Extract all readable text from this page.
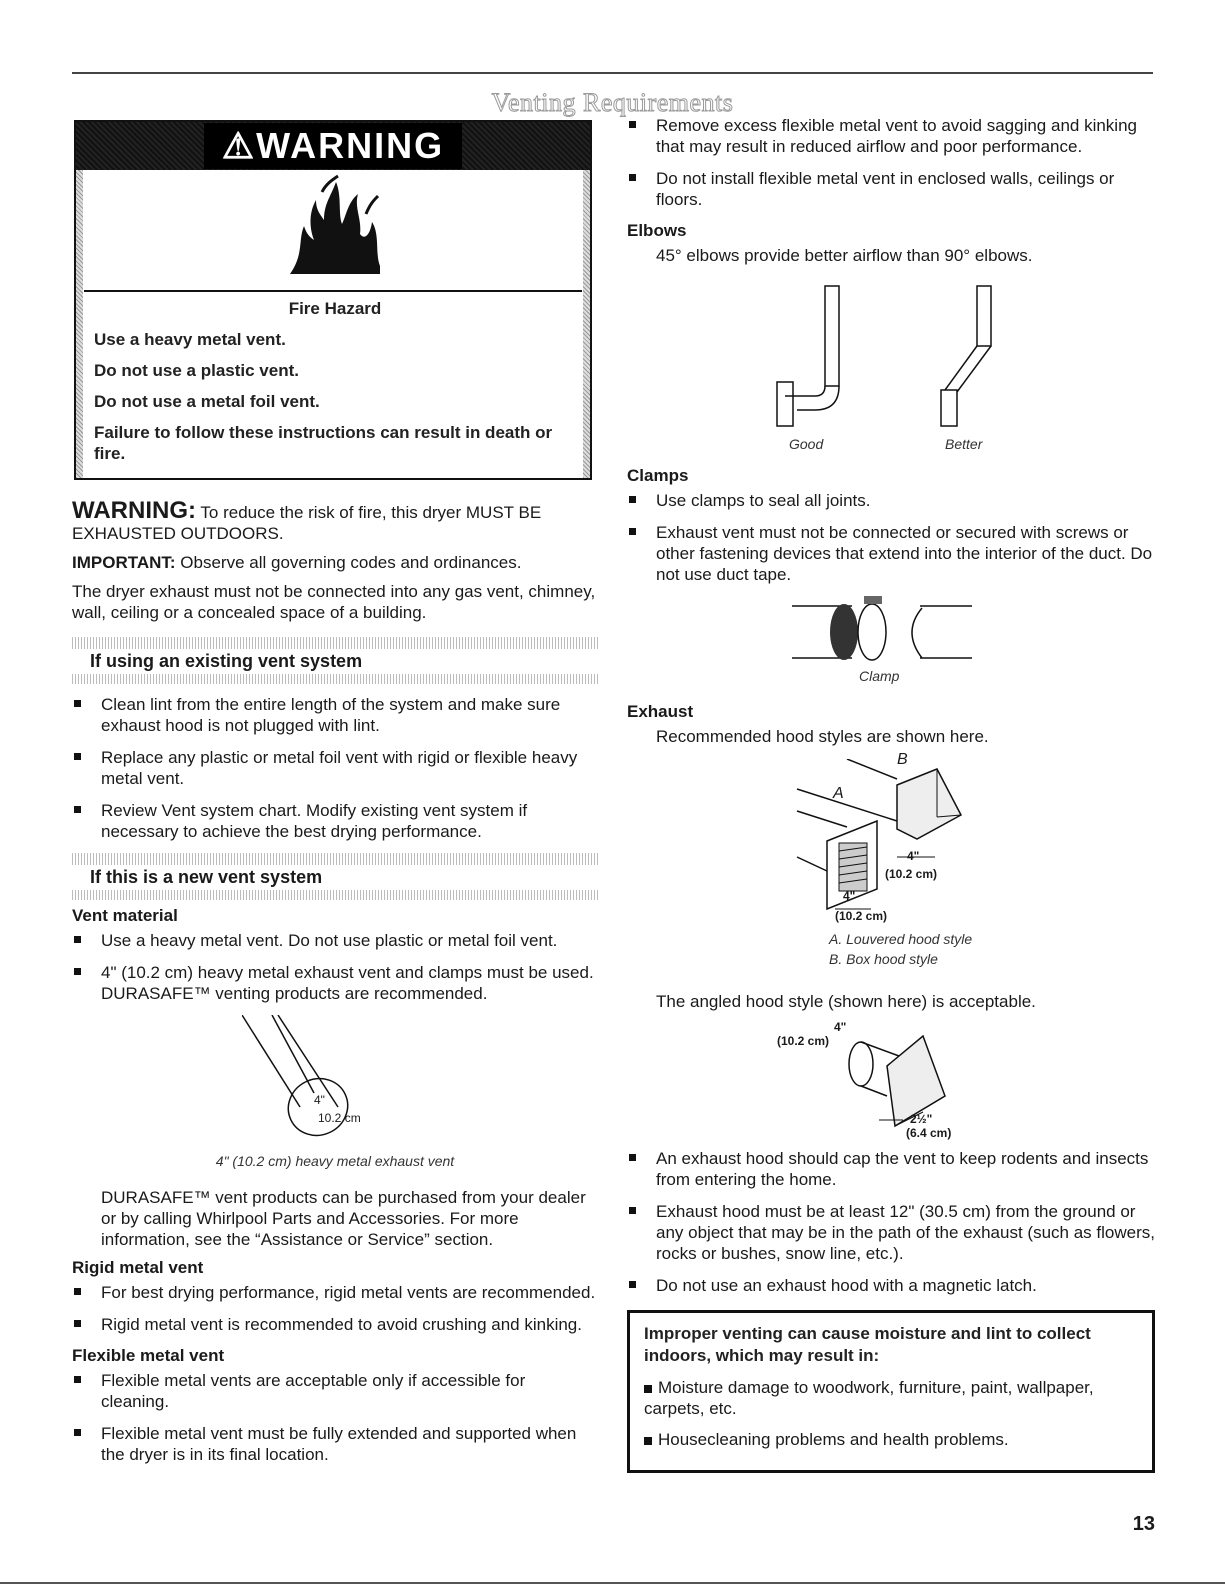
Venting Requirements
⚠WARNING
Fire Hazard

Use a heavy metal vent.

Do not use a plastic vent.

Do not use a metal foil vent.

Failure to follow these instructions can result in death or fire.

WARNING: To reduce the risk of fire, this dryer MUST BE EXHAUSTED OUTDOORS.

IMPORTANT: Observe all governing codes and ordinances.

The dryer exhaust must not be connected into any gas vent, chimney, wall, ceiling or a concealed space of a building.

If using an existing vent system
Clean lint from the entire length of the system and make sure exhaust hood is not plugged with lint.
Replace any plastic or metal foil vent with rigid or flexible heavy metal vent.
Review Vent system chart. Modify existing vent system if necessary to achieve the best drying performance.
If this is a new vent system
Vent material
Use a heavy metal vent. Do not use plastic or metal foil vent.
4" (10.2 cm) heavy metal exhaust vent and clamps must be used. DURASAFE™ venting products are recommended.
4"
10.2 cm
4" (10.2 cm) heavy metal exhaust vent
DURASAFE™ vent products can be purchased from your dealer or by calling Whirlpool Parts and Accessories. For more information, see the “Assistance or Service” section.
Rigid metal vent
For best drying performance, rigid metal vents are recommended.
Rigid metal vent is recommended to avoid crushing and kinking.
Flexible metal vent
Flexible metal vents are acceptable only if accessible for cleaning.
Flexible metal vent must be fully extended and supported when the dryer is in its final location.
Remove excess flexible metal vent to avoid sagging and kinking that may result in reduced airflow and poor performance.
Do not install flexible metal vent in enclosed walls, ceilings or floors.
Elbows
45° elbows provide better airflow than 90° elbows.
Good	Better
Clamps
Use clamps to seal all joints.
Exhaust vent must not be connected or secured with screws or other fastening devices that extend into the interior of the duct. Do not use duct tape.
Clamp
Exhaust
Recommended hood styles are shown here.
B
A
4"
(10.2 cm)
4"
(10.2 cm)
A. Louvered hood style
B. Box hood style
The angled hood style (shown here) is acceptable.
4"
(10.2 cm)
2½"
(6.4 cm)
An exhaust hood should cap the vent to keep rodents and insects from entering the home.
Exhaust hood must be at least 12" (30.5 cm) from the ground or any object that may be in the path of the exhaust (such as flowers, rocks or bushes, snow line, etc.).
Do not use an exhaust hood with a magnetic latch.
Improper venting can cause moisture and lint to collect indoors, which may result in:
Moisture damage to woodwork, furniture, paint, wallpaper, carpets, etc.
Housecleaning problems and health problems.
13
